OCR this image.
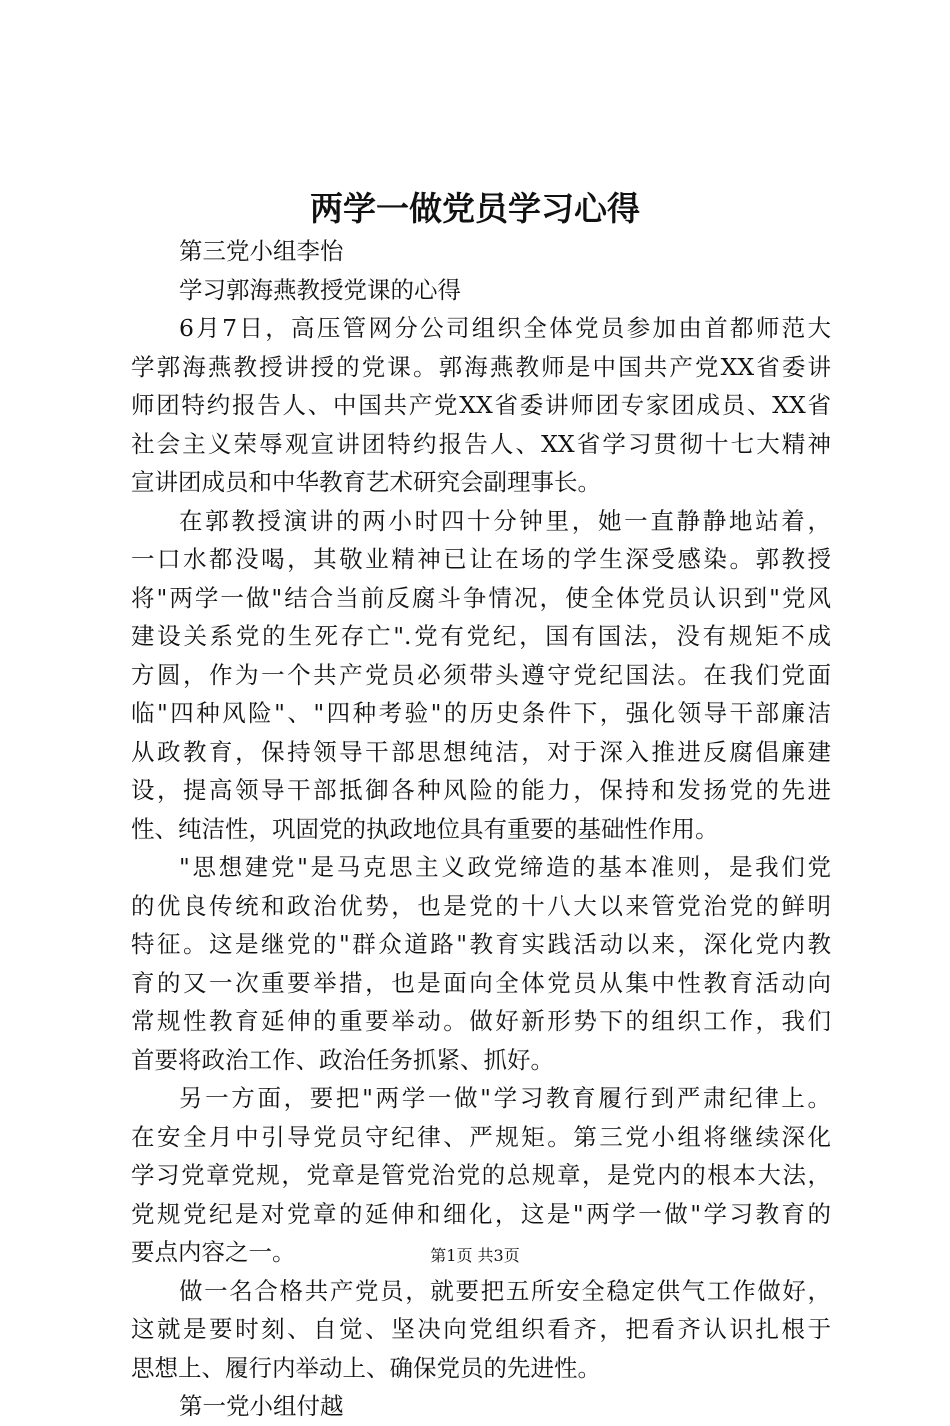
两学一做党员学习心得
第三党小组李怡
学习郭海燕教授党课的心得
6月7日，高压管网分公司组织全体党员参加由首都师范大
学郭海燕教授讲授的党课。郭海燕教师是中国共产党XX省委讲
师团特约报告人、中国共产党XX省委讲师团专家团成员、XX省
社会主义荣辱观宣讲团特约报告人、XX省学习贯彻十七大精神
宣讲团成员和中华教育艺术研究会副理事长。
在郭教授演讲的两小时四十分钟里，她一直静静地站着，
一口水都没喝，其敬业精神已让在场的学生深受感染。郭教授
将"两学一做"结合当前反腐斗争情况，使全体党员认识到"党风
建设关系党的生死存亡".党有党纪，国有国法，没有规矩不成
方圆，作为一个共产党员必须带头遵守党纪国法。在我们党面
临"四种风险"、"四种考验"的历史条件下，强化领导干部廉洁
从政教育，保持领导干部思想纯洁，对于深入推进反腐倡廉建
设，提高领导干部抵御各种风险的能力，保持和发扬党的先进
性、纯洁性，巩固党的执政地位具有重要的基础性作用。
"思想建党"是马克思主义政党缔造的基本准则，是我们党
的优良传统和政治优势，也是党的十八大以来管党治党的鲜明
特征。这是继党的"群众道路"教育实践活动以来，深化党内教
育的又一次重要举措，也是面向全体党员从集中性教育活动向
常规性教育延伸的重要举动。做好新形势下的组织工作，我们
首要将政治工作、政治任务抓紧、抓好。
另一方面，要把"两学一做"学习教育履行到严肃纪律上。
在安全月中引导党员守纪律、严规矩。第三党小组将继续深化
学习党章党规，党章是管党治党的总规章，是党内的根本大法，
党规党纪是对党章的延伸和细化，这是"两学一做"学习教育的
要点内容之一。
做一名合格共产党员，就要把五所安全稳定供气工作做好，
这就是要时刻、自觉、坚决向党组织看齐，把看齐认识扎根于
思想上、履行内举动上、确保党员的先进性。
第一党小组付越
第1页 共3页
